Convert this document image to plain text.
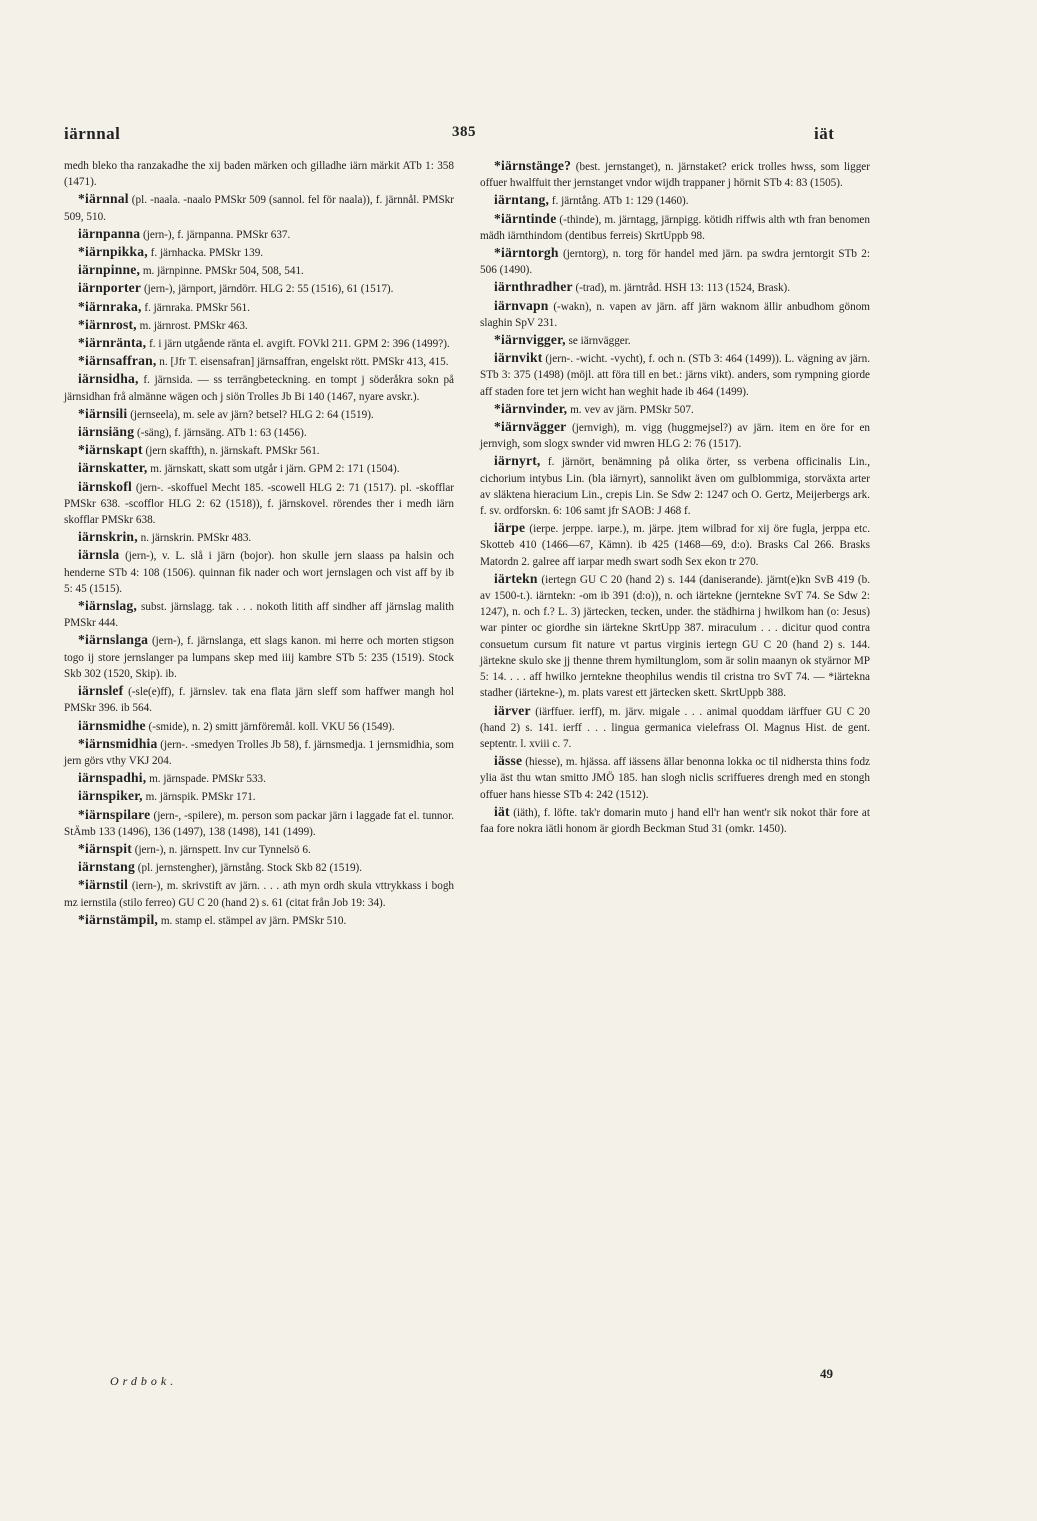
iärnnal	385	iät

medh bleko tha ranzakadhe the xij baden märken och gilladhe iärn märkit ATb 1: 358 (1471).

*iärnnal (pl. -naala. -naalo PMSkr 509 (sannol. fel för naala)), f. järnnål. PMSkr 509, 510.

iärnpanna (jern-), f. järnpanna. PMSkr 637.

*iärnpikka, f. järnhacka. PMSkr 139.

iärnpinne, m. järnpinne. PMSkr 504, 508, 541.

iärnporter (jern-), järnport, järndörr. HLG 2: 55 (1516), 61 (1517).

*iärnraka, f. järnraka. PMSkr 561.

*iärnrost, m. järnrost. PMSkr 463.

*iärnränta, f. i järn utgående ränta el. avgift. FOVkl 211. GPM 2: 396 (1499?).

*iärnsaffran, n. [Jfr T. eisensafran] järnsaffran, engelskt rött. PMSkr 413, 415.

iärnsidha, f. järnsida. — ss terrängbeteckning. en tompt j söderåkra sokn på järnsidhan frå almänne wägen och j siön Trolles Jb Bi 140 (1467, nyare avskr.).

*iärnsili (jernseela), m. sele av järn? betsel? HLG 2: 64 (1519).

iärnsiäng (-säng), f. järnsäng. ATb 1: 63 (1456).

*iärnskapt (jern skaffth), n. järnskaft. PMSkr 561.

iärnskatter, m. järnskatt, skatt som utgår i järn. GPM 2: 171 (1504).

iärnskofl (jern-. -skoffuel Mecht 185. -scowell HLG 2: 71 (1517). pl. -skofflar PMSkr 638. -scofflor HLG 2: 62 (1518)), f. järnskovel. rörendes ther i medh iärn skofflar PMSkr 638.

iärnskrin, n. järnskrin. PMSkr 483.

iärnsla (jern-), v. L. slå i järn (bojor). hon skulle jern slaass pa halsin och henderne STb 4: 108 (1506). quinnan fik nader och wort jernslagen och vist aff by ib 5: 45 (1515).

*iärnslag, subst. järnslagg. tak . . . nokoth litith aff sindher aff järnslag malith PMSkr 444.

*iärnslanga (jern-), f. järnslanga, ett slags kanon. mi herre och morten stigson togo ij store jernslanger pa lumpans skep med iiij kambre STb 5: 235 (1519). Stock Skb 302 (1520, Skip). ib.

iärnslef (-sle(e)ff), f. järnslev. tak ena flata järn sleff som haffwer mangh hol PMSkr 396. ib 564.

iärnsmidhe (-smide), n. 2) smitt järnföremål. koll. VKU 56 (1549).

*iärnsmidhia (jern-. -smedyen Trolles Jb 58), f. järnsmedja. 1 jernsmidhia, som jern görs vthy VKJ 204.

iärnspadhi, m. järnspade. PMSkr 533.

iärnspiker, m. järnspik. PMSkr 171.

*iärnspilare (jern-, -spilere), m. person som packar järn i laggade fat el. tunnor. StÄmb 133 (1496), 136 (1497), 138 (1498), 141 (1499).

*iärnspit (jern-), n. järnspett. Inv cur Tynnelsö 6.

iärnstang (pl. jernstengher), järnstång. Stock Skb 82 (1519).

*iärnstil (iern-), m. skrivstift av järn. . . . ath myn ordh skula vttrykkass i bogh mz iernstila (stilo ferreo) GU C 20 (hand 2) s. 61 (citat från Job 19: 34).

*iärnstämpil, m. stamp el. stämpel av järn. PMSkr 510.

*iärnstänge? (best. jernstanget), n. järnstaket? erick trolles hwss, som ligger offuer hwalffuit ther jernstanget vndor wijdh trappaner j hörnit STb 4: 83 (1505).

iärntang, f. järntång. ATb 1: 129 (1460).

*iärntinde (-thinde), m. järntagg, järnpigg. kötidh riffwis alth wth fran benomen mädh iärnthindom (dentibus ferreis) SkrtUppb 98.

*iärntorgh (jerntorg), n. torg för handel med järn. pa swdra jerntorgit STb 2: 506 (1490).

iärnthradher (-trad), m. järntråd. HSH 13: 113 (1524, Brask).

iärnvapn (-wakn), n. vapen av järn. aff järn waknom ällir anbudhom gönom slaghin SpV 231.

*iärnvigger, se iärnvägger.

iärnvikt (jern-. -wicht. -vycht), f. och n. (STb 3: 464 (1499)). L. vägning av järn. STb 3: 375 (1498) (möjl. att föra till en bet.: järns vikt). anders, som rympning giorde aff staden fore tet jern wicht han weghit hade ib 464 (1499).

*iärnvinder, m. vev av järn. PMSkr 507.

*iärnvägger (jernvigh), m. vigg (huggmejsel?) av järn. item en öre for en jernvigh, som slogx swnder vid mwren HLG 2: 76 (1517).

iärnyrt, f. järnört, benämning på olika örter, ss verbena officinalis Lin., cichorium intybus Lin. (bla iärnyrt), sannolikt även om gulblommiga, storväxta arter av släktena hieracium Lin., crepis Lin. Se Sdw 2: 1247 och O. Gertz, Meijerbergs ark. f. sv. ordforskn. 6: 106 samt jfr SAOB: J 468 f.

iärpe (ierpe. jerppe. iarpe.), m. järpe. jtem wilbrad for xij öre fugla, jerppa etc. Skotteb 410 (1466—67, Kämn). ib 425 (1468—69, d:o). Brasks Cal 266. Brasks Matordn 2. galree aff iarpar medh swart sodh Sex ekon tr 270.

iärtekn (iertegn GU C 20 (hand 2) s. 144 (daniserande). järnt(e)kn SvB 419 (b. av 1500-t.). iärntekn: -om ib 391 (d:o)), n. och iärtekne (jerntekne SvT 74. Se Sdw 2: 1247), n. och f.? L. 3) järtecken, tecken, under. the städhirna j hwilkom han (o: Jesus) war pinter oc giordhe sin iärtekne SkrtUpp 387. miraculum . . . dicitur quod contra consuetum cursum fit nature vt partus virginis iertegn GU C 20 (hand 2) s. 144. järtekne skulo ske jj thenne threm hymiltunglom, som är solin maanyn ok styärnor MP 5: 14. . . . aff hwilko jerntekne theophilus wendis til cristna tro SvT 74. — *iärtekna stadher (iärtekne-), m. plats varest ett järtecken skett. SkrtUppb 388.

iärver (iärffuer. ierff), m. järv. migale . . . animal quoddam iärffuer GU C 20 (hand 2) s. 141. ierff . . . lingua germanica vielefrass Ol. Magnus Hist. de gent. septentr. l. xviii c. 7.

iässe (hiesse), m. hjässa. aff iässens ällar benonna lokka oc til nidhersta thins fodz ylia äst thu wtan smitto JMÖ 185. han slogh niclis scriffueres drengh med en stongh offuer hans hiesse STb 4: 242 (1512).

iät (iäth), f. löfte. tak'r domarin muto j hand ell'r han went'r sik nokot thär fore at faa fore nokra iätli honom är giordh Beckman Stud 31 (omkr. 1450).

Ordbok.	49
